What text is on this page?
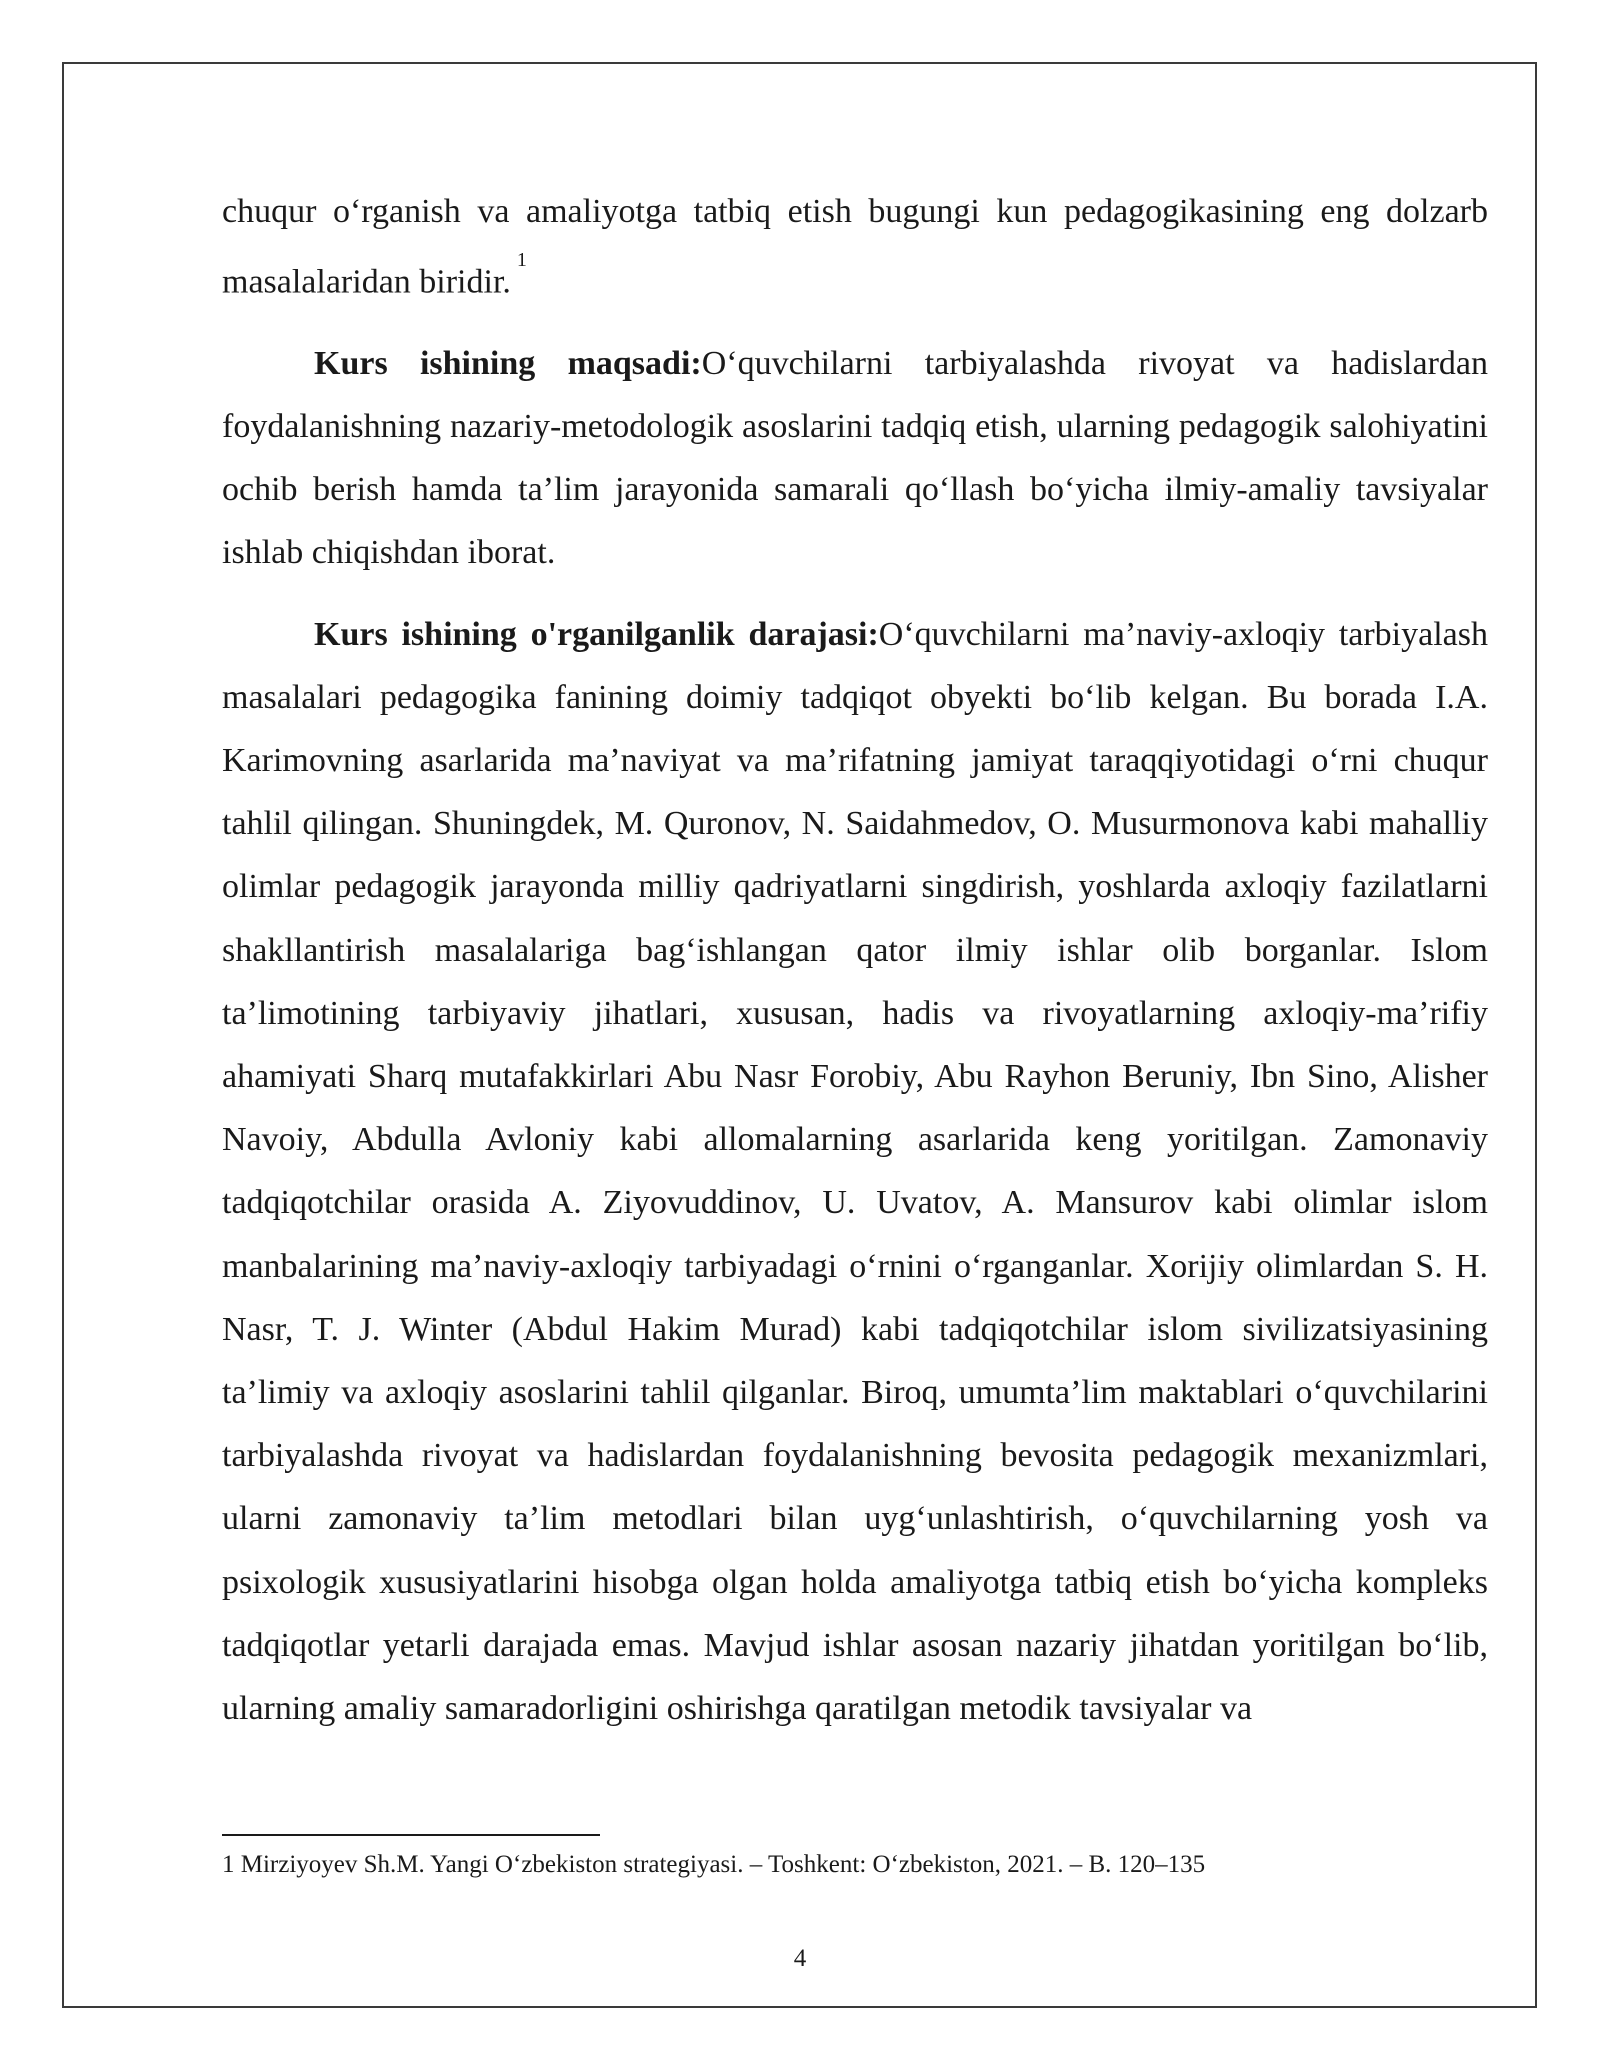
chuqur o‘rganish va amaliyotga tatbiq etish bugungi kun pedagogikasining eng dolzarb masalalaridan biridir.$^1$

Kurs ishining maqsadi:O‘quvchilarni tarbiyalashda rivoyat va hadislardan foydalanishning nazariy-metodologik asoslarini tadqiq etish, ularning pedagogik salohiyatini ochib berish hamda ta’lim jarayonida samarali qo‘llash bo‘yicha ilmiy-amaliy tavsiyalar ishlab chiqishdan iborat.

Kurs ishining o'rganilganlik darajasi:O‘quvchilarni ma’naviy-axloqiy tarbiyalash masalalari pedagogika fanining doimiy tadqiqot obyekti bo‘lib kelgan. Bu borada I.A. Karimovning asarlarida ma’naviyat va ma’rifatning jamiyat taraqqiyotidagi o‘rni chuqur tahlil qilingan. Shuningdek, M. Quronov, N. Saidahmedov, O. Musurmonova kabi mahalliy olimlar pedagogik jarayonda milliy qadriyatlarni singdirish, yoshlarda axloqiy fazilatlarni shakllantirish masalalariga bag‘ishlangan qator ilmiy ishlar olib borganlar. Islom ta’limotining tarbiyaviy jihatlari, xususan, hadis va rivoyatlarning axloqiy-ma’rifiy ahamiyati Sharq mutafakkirlari Abu Nasr Forobiy, Abu Rayhon Beruniy, Ibn Sino, Alisher Navoiy, Abdulla Avloniy kabi allomalarning asarlarida keng yoritilgan. Zamonaviy tadqiqotchilar orasida A. Ziyovuddinov, U. Uvatov, A. Mansurov kabi olimlar islom manbalarining ma’naviy-axloqiy tarbiyadagi o‘rnini o‘rganganlar. Xorijiy olimlardan S. H. Nasr, T. J. Winter (Abdul Hakim Murad) kabi tadqiqotchilar islom sivilizatsiyasining ta’limiy va axloqiy asoslarini tahlil qilganlar. Biroq, umumta’lim maktablari o‘quvchilarini tarbiyalashda rivoyat va hadislardan foydalanishning bevosita pedagogik mexanizmlari, ularni zamonaviy ta’lim metodlari bilan uyg‘unlashtirish, o‘quvchilarning yosh va psixologik xususiyatlarini hisobga olgan holda amaliyotga tatbiq etish bo‘yicha kompleks tadqiqotlar yetarli darajada emas. Mavjud ishlar asosan nazariy jihatdan yoritilgan bo‘lib, ularning amaliy samaradorligini oshirishga qaratilgan metodik tavsiyalar va

1 Mirziyoyev Sh.M. Yangi O‘zbekiston strategiyasi. – Toshkent: O‘zbekiston, 2021. – B. 120–135
4
